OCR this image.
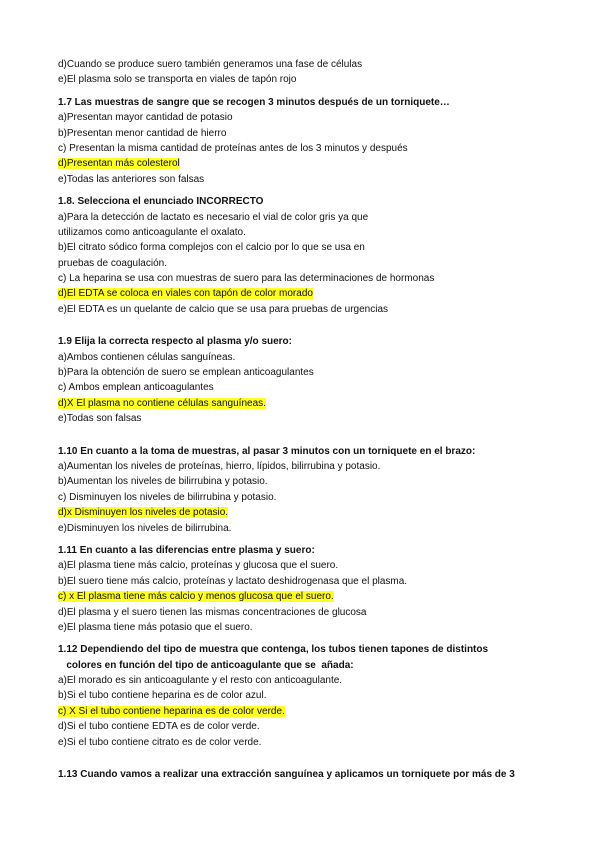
d)Cuando se produce suero también generamos una fase de células
e)El plasma solo se transporta en viales de tapón rojo
1.7 Las muestras de sangre que se recogen 3 minutos después de un torniquete…
a)Presentan mayor cantidad de potasio
b)Presentan menor cantidad de hierro
c) Presentan la misma cantidad de proteínas antes de los 3 minutos y después
d)Presentan más colesterol
e)Todas las anteriores son falsas
1.8. Selecciona el enunciado INCORRECTO
a)Para la detección de lactato es necesario el vial de color gris ya que
utilizamos como anticoagulante el oxalato.
b)El citrato sódico forma complejos con el calcio por lo que se usa en
pruebas de coagulación.
c) La heparina se usa con muestras de suero para las determinaciones de hormonas
d)El EDTA se coloca en viales con tapón de color morado
e)El EDTA es un quelante de calcio que se usa para pruebas de urgencias
1.9 Elija la correcta respecto al plasma y/o suero:
a)Ambos contienen células sanguíneas.
b)Para la obtención de suero se emplean anticoagulantes
c) Ambos emplean anticoagulantes
d)X El plasma no contiene células sanguíneas.
e)Todas son falsas
1.10 En cuanto a la toma de muestras, al pasar 3 minutos con un torniquete en el brazo:
a)Aumentan los niveles de proteínas, hierro, lípidos, bilirrubina y potasio.
b)Aumentan los niveles de bilirrubina y potasio.
c) Disminuyen los niveles de bilirrubina y potasio.
d)x Disminuyen los niveles de potasio.
e)Disminuyen los niveles de bilirrubina.
1.11 En cuanto a las diferencias entre plasma y suero:
a)El plasma tiene más calcio, proteínas y glucosa que el suero.
b)El suero tiene más calcio, proteínas y lactato deshidrogenasa que el plasma.
c) x El plasma tiene más calcio y menos glucosa que el suero.
d)El plasma y el suero tienen las mismas concentraciones de glucosa
e)El plasma tiene más potasio que el suero.
1.12 Dependiendo del tipo de muestra que contenga, los tubos tienen tapones de distintos
colores en función del tipo de anticoagulante que se  añada:
a)El morado es sin anticoagulante y el resto con anticoagulante.
b)Si el tubo contiene heparina es de color azul.
c) X Si el tubo contiene heparina es de color verde.
d)Si el tubo contiene EDTA es de color verde.
e)Si el tubo contiene citrato es de color verde.
1.13 Cuando vamos a realizar una extracción sanguínea y aplicamos un torniquete por más de 3
